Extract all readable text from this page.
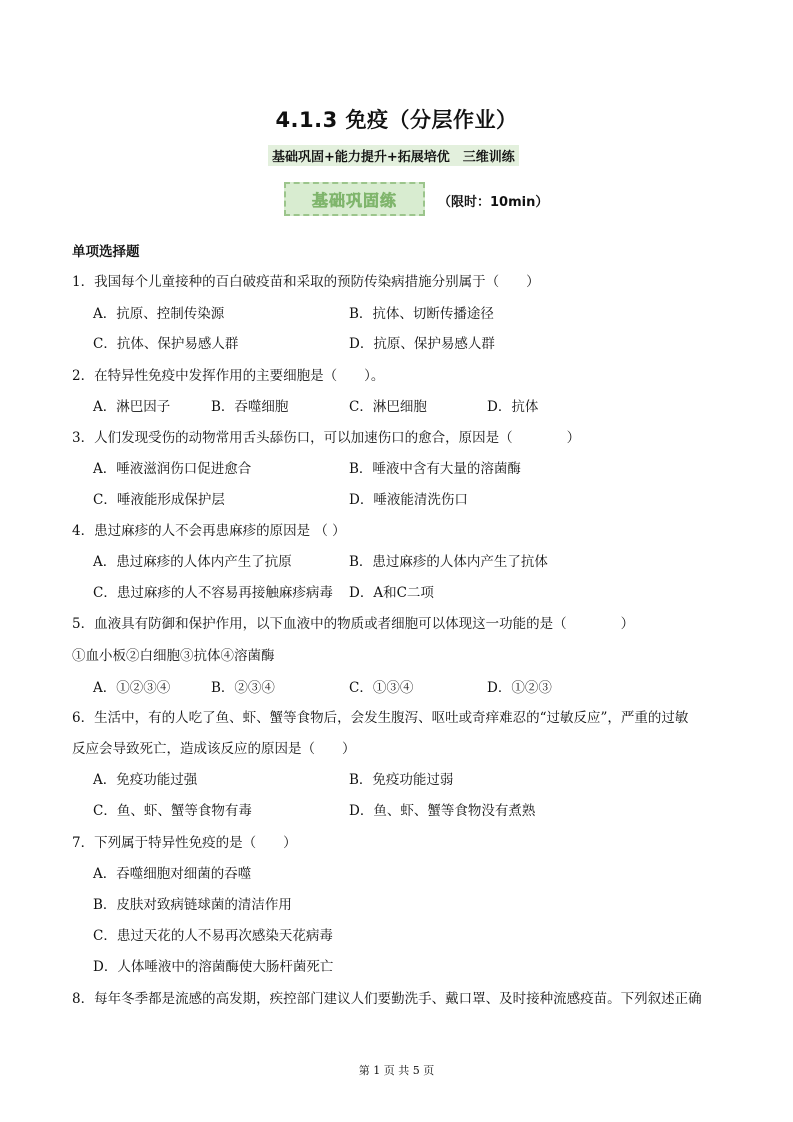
4.1.3 免疫（分层作业）
基础巩固+能力提升+拓展培优　三维训练
基础巩固练	（限时：10min）
单项选择题
1．我国每个儿童接种的百白破疫苗和采取的预防传染病措施分别属于（　　）
A．抗原、控制传染源	B．抗体、切断传播途径
C．抗体、保护易感人群	D．抗原、保护易感人群
2．在特异性免疫中发挥作用的主要细胞是（　　）。
A．淋巴因子	B．吞噬细胞	C．淋巴细胞	D．抗体
3．人们发现受伤的动物常用舌头舔伤口，可以加速伤口的愈合，原因是（　　　　）
A．唾液滋润伤口促进愈合	B．唾液中含有大量的溶菌酶
C．唾液能形成保护层	D．唾液能清洗伤口
4．患过麻疹的人不会再患麻疹的原因是 （ ）
A．患过麻疹的人体内产生了抗原	B．患过麻疹的人体内产生了抗体
C．患过麻疹的人不容易再接触麻疹病毒 D．A和C二项
5．血液具有防御和保护作用，以下血液中的物质或者细胞可以体现这一功能的是（　　　　）
①血小板②白细胞③抗体④溶菌酶
A．①②③④	B．②③④	C．①③④	D．①②③
6．生活中，有的人吃了鱼、虾、蟹等食物后，会发生腹泻、呕吐或奇痒难忍的“过敏反应”，严重的过敏
反应会导致死亡，造成该反应的原因是（　　）
A．免疫功能过强	B．免疫功能过弱
C．鱼、虾、蟹等食物有毒	D．鱼、虾、蟹等食物没有煮熟
7．下列属于特异性免疫的是（　　）
A．吞噬细胞对细菌的吞噬
B．皮肤对致病链球菌的清洁作用
C．患过天花的人不易再次感染天花病毒
D．人体唾液中的溶菌酶使大肠杆菌死亡
8．每年冬季都是流感的高发期，疾控部门建议人们要勤洗手、戴口罩、及时接种流感疫苗。下列叙述正确
第 1 页 共 5 页
